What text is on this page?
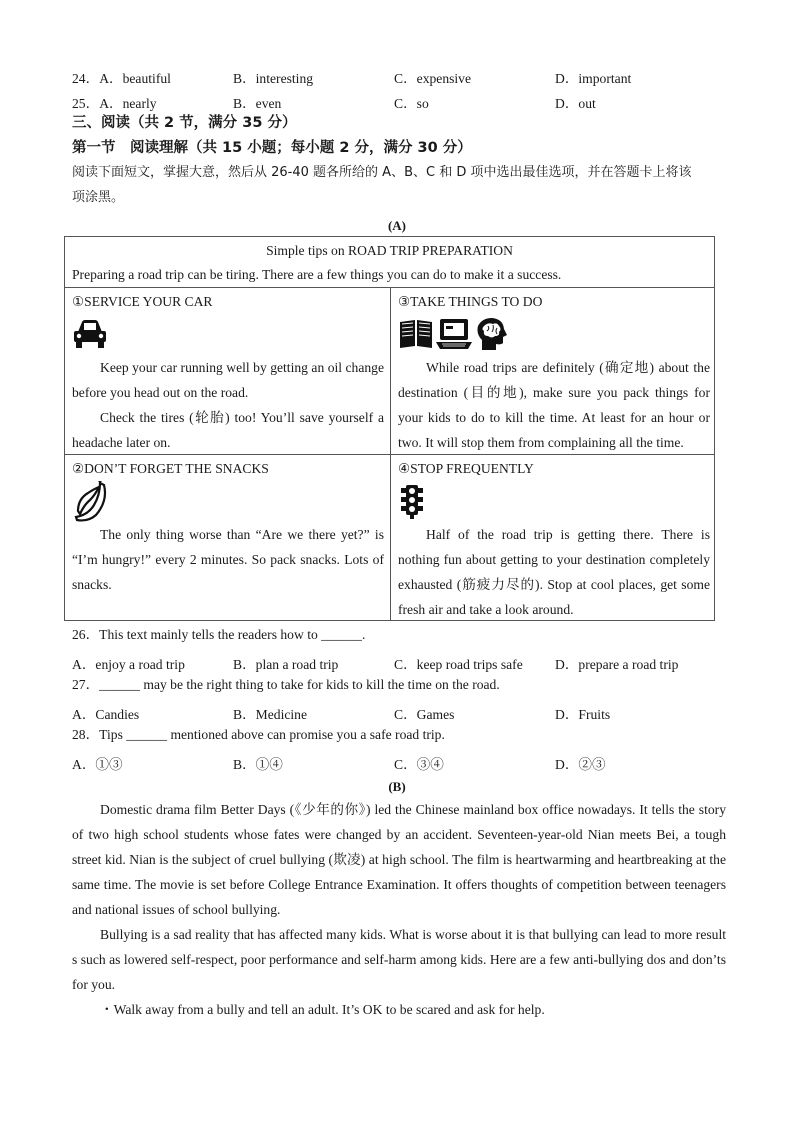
24．A．beautiful	B．interesting	C．expensive	D．important
25．A．nearly	B．even	C．so	D．out
三、阅读（共 2 节，满分 35 分）
第一节　阅读理解（共 15 小题；每小题 2 分，满分 30 分）
阅读下面短文，掌握大意，然后从 26-40 题各所给的 A、B、C 和 D 项中选出最佳选项，并在答题卡上将该
项涂黑。
(A)
Simple tips on ROAD TRIP PREPARATION
Preparing a road trip can be tiring. There are a few things you can do to make it a success.
①SERVICE YOUR CAR
Keep your car running well by getting an oil change before you head out on the road.
Check the tires (轮胎) too! You’ll save yourself a headache later on.
③TAKE THINGS TO DO
While road trips are definitely (确定地) about the destination (目的地), make sure you pack things for your kids to do to kill the time. At least for an hour or two. It will stop them from complaining all the time.
②DON’T FORGET THE SNACKS
The only thing worse than “Are we there yet?” is “I’m hungry!” every 2 minutes. So pack snacks. Lots of snacks.
④STOP FREQUENTLY
Half of the road trip is getting there. There is nothing fun about getting to your destination completely exhausted (筋疲力尽的). Stop at cool places, get some fresh air and take a look around.
26．This text mainly tells the readers how to ______.
A．enjoy a road trip	B．plan a road trip	C．keep road trips safe D．prepare a road trip
27．______ may be the right thing to take for kids to kill the time on the road.
A．Candies	B．Medicine	C．Games	D．Fruits
28．Tips ______ mentioned above can promise you a safe road trip.
A．①③	B．①④	C．③④	D．②③
(B)
Domestic drama film Better Days (《少年的你》) led the Chinese mainland box office nowadays. It tells the story of two high school students whose fates were changed by an accident. Seventeen-year-old Nian meets Bei, a tough street kid. Nian is the subject of cruel bullying (欺凌) at high school. The film is heartwarming and heartbreaking at the same time. The movie is set before College Entrance Examination. It offers thoughts of competition between teenagers and national issues of school bullying.
Bullying is a sad reality that has affected many kids. What is worse about it is that bullying can lead to more result s such as lowered self-respect, poor performance and self-harm among kids. Here are a few anti-bullying dos and don’ts for you.
・Walk away from a bully and tell an adult. It’s OK to be scared and ask for help.
